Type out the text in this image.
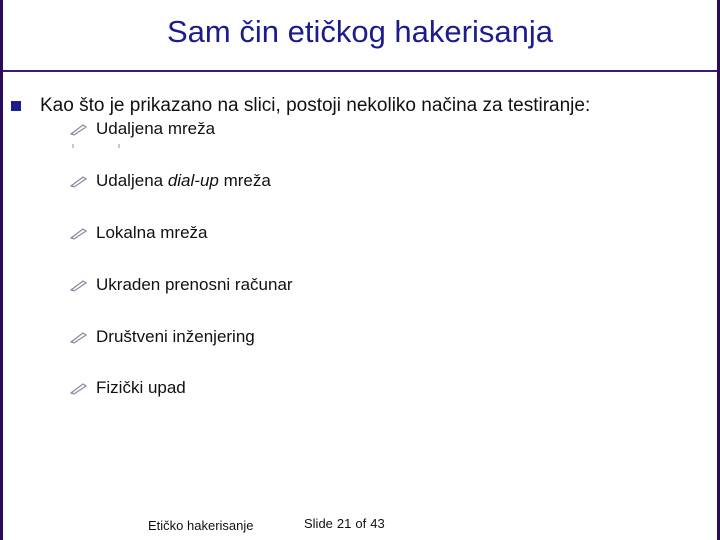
Sam čin etičkog hakerisanja
Kao što je prikazano na slici, postoji nekoliko načina za testiranje:
Udaljena mreža
Udaljena dial-up mreža
Lokalna mreža
Ukraden prenosni računar
Društveni inženjering
Fizički upad
Etičko hakerisanje	Slide 21 of 43
